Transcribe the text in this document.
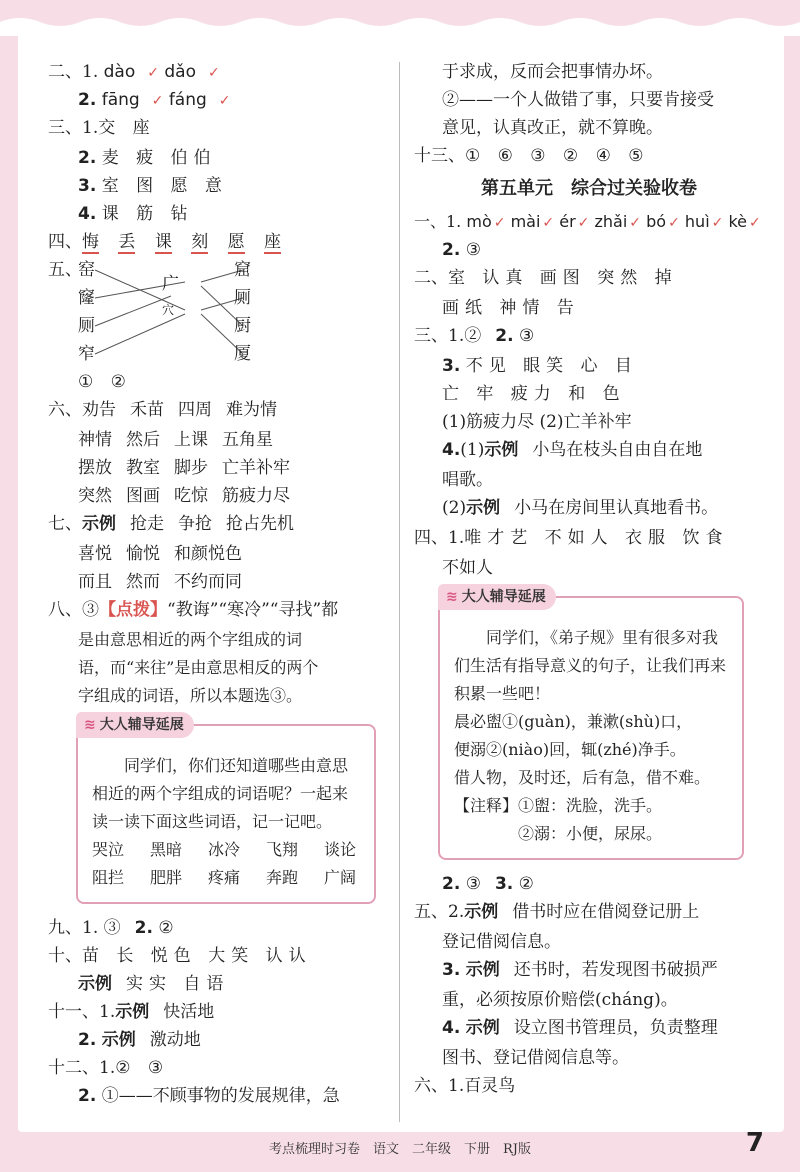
二、1. dào ✓ dǎo ✓
2. fāng ✓ fáng ✓
三、1.交 座
2. 麦 疲 伯伯
3. 室 图 愿 意
4. 课 筋 钻
四、悔 丢 课 刻 愿 座
五、
窑
窿
厕
窄
广
穴
窟
厕
厨
厦
① ②
六、劝告 禾苗 四周 难为情
神情 然后 上课 五角星
摆放 教室 脚步 亡羊补牢
突然 图画 吃惊 筋疲力尽
七、示例 抢走 争抢 抢占先机
喜悦 愉悦 和颜悦色
而且 然而 不约而同
八、③【点拨】“教诲”“寒冷”“寻找”都
是由意思相近的两个字组成的词
语，而“来往”是由意思相反的两个
字组成的词语，所以本题选③。
≋ 大人辅导延展

同学们，你们还知道哪些由意思相近的两个字组成的词语呢？一起来读一读下面这些词语，记一记吧。

哭泣 黑暗 冰冷 飞翔 谈论
阻拦 肥胖 疼痛 奔跑 广阔
九、1. ③ 2. ②
十、苗 长 悦色 大笑 认认
示例 实实 自语
十一、1.示例 快活地
2. 示例 激动地
十二、1.② ③
2. ①——不顾事物的发展规律，急
于求成，反而会把事情办坏。
②——一个人做错了事，只要肯接受
意见，认真改正，就不算晚。
十三、① ⑥ ③ ② ④ ⑤
第五单元　综合过关验收卷
一、1. mò ✓ mài ✓ ér ✓ zhǎi ✓ bó ✓ huì ✓ kè ✓
2. ③
二、室 认真 画图 突然 掉
画纸 神情 告
三、1.② 2. ③
3. 不见 眼笑 心 目
亡 牢 疲力 和 色
(1)筋疲力尽 (2)亡羊补牢
4.(1)示例 小鸟在枝头自由自在地
唱歌。
(2)示例 小马在房间里认真地看书。
四、1.唯才艺 不如人 衣服 饮食
不如人
≋ 大人辅导延展

同学们，《弟子规》里有很多对我们生活有指导意义的句子，让我们再来积累一些吧！

晨必盥①(guàn)，兼漱(shù)口，

便溺②(niào)回，辄(zhé)净手。

借人物，及时还，后有急，借不难。

【注释】①盥：洗脸，洗手。

②溺：小便，尿尿。

2. ③ 3. ②
五、2.示例 借书时应在借阅登记册上
登记借阅信息。
3. 示例 还书时，若发现图书破损严
重，必须按原价赔偿(cháng)。
4. 示例 设立图书管理员，负责整理
图书、登记借阅信息等。
六、1.百灵鸟
考点梳理时习卷　语文　二年级　下册　RJ版	7
